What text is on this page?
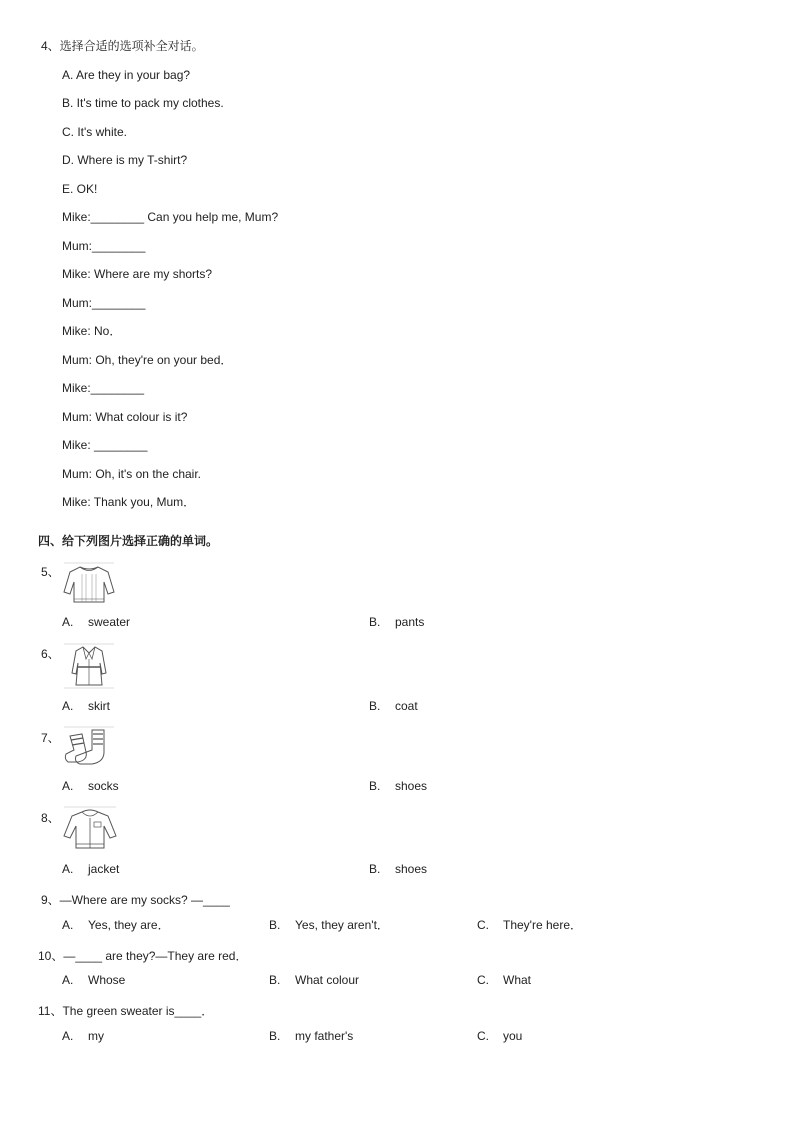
4、选择合适的选项补全对话。
A. Are they in your bag?
B. It's time to pack my clothes.
C. It's white.
D. Where is my T-shirt?
E. OK!
Mike:________ Can you help me, Mum?
Mum:________
Mike: Where are my shorts?
Mum:________
Mike: No．
Mum: Oh, they're on your bed．
Mike:________
Mum: What colour is it?
Mike: ________
Mum: Oh, it's on the chair.
Mike: Thank you, Mum．
四、给下列图片选择正确的单词。
5、
A. sweater	B. pants
6、
A. skirt	B. coat
7、
A. socks	B. shoes
8、
A. jacket	B. shoes
9、—Where are my socks? —____
A. Yes, they are．	B. Yes, they aren't．	C. They're here．
10、—____ are they?—They are red．
A. Whose	B. What colour	C. What
11、The green sweater is____．
A. my	B. my father's	C. you
